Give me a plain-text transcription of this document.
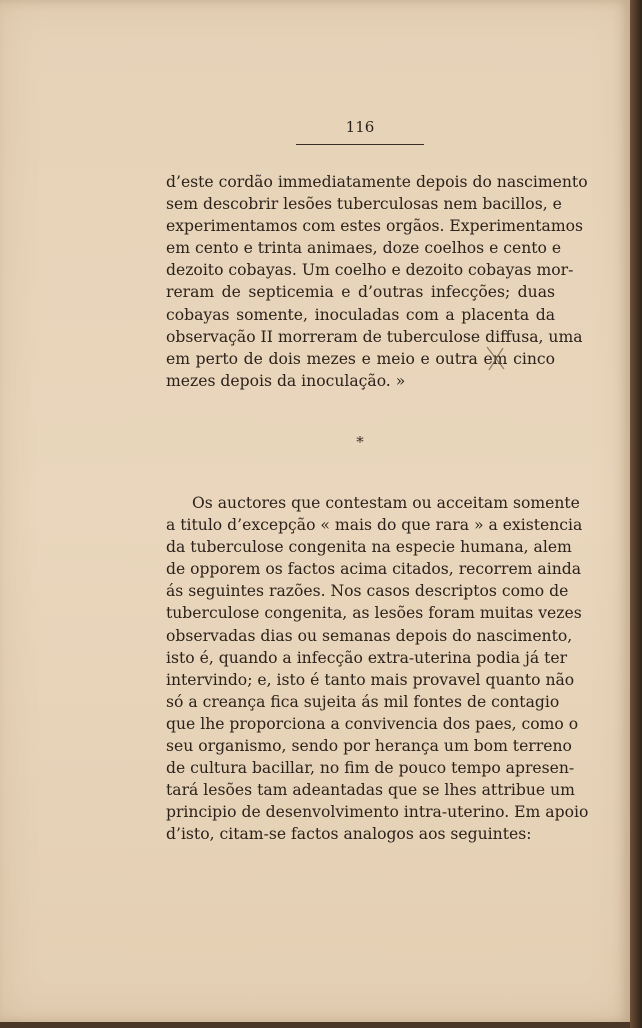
116
d’este cordão immediatamente depois do nascimento
sem descobrir lesões tuberculosas nem bacillos, e
experimentamos com estes orgãos. Experimentamos
em cento e trinta animaes, doze coelhos e cento e
dezoito cobayas. Um coelho e dezoito cobayas mor-
reram de septicemia e d’outras infecções; duas
cobayas somente, inoculadas com a placenta da
observação II morreram de tuberculose diffusa, uma
em perto de dois mezes e meio e outra em cinco
mezes depois da inoculação. »
*
Os auctores que contestam ou acceitam somente
a titulo d’excepção « mais do que rara » a existencia
da tuberculose congenita na especie humana, alem
de opporem os factos acima citados, recorrem ainda
ás seguintes razões. Nos casos descriptos como de
tuberculose congenita, as lesões foram muitas vezes
observadas dias ou semanas depois do nascimento,
isto é, quando a infecção extra-uterina podia já ter
intervindo; e, isto é tanto mais provavel quanto não
só a creança fica sujeita ás mil fontes de contagio
que lhe proporciona a convivencia dos paes, como o
seu organismo, sendo por herança um bom terreno
de cultura bacillar, no fim de pouco tempo apresen-
tará lesões tam adeantadas que se lhes attribue um
principio de desenvolvimento intra-uterino. Em apoio
d’isto, citam-se factos analogos aos seguintes:
